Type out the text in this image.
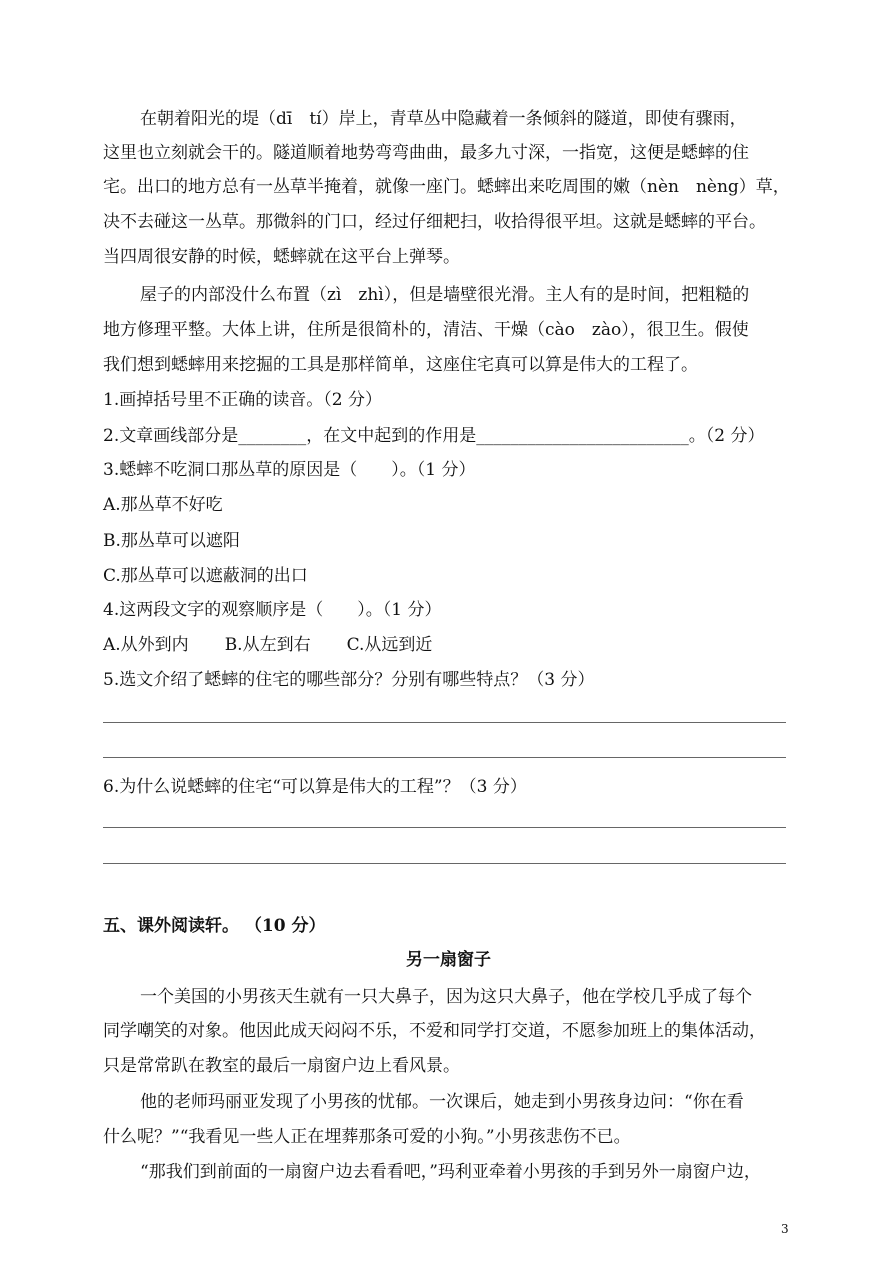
在朝着阳光的堤（dī　tí）岸上，青草丛中隐藏着一条倾斜的隧道，即使有骤雨，
这里也立刻就会干的。隧道顺着地势弯弯曲曲，最多九寸深，一指宽，这便是蟋蟀的住
宅。出口的地方总有一丛草半掩着，就像一座门。蟋蟀出来吃周围的嫩（nèn　nèng）草，
决不去碰这一丛草。那微斜的门口，经过仔细耙扫，收拾得很平坦。这就是蟋蟀的平台。
当四周很安静的时候，蟋蟀就在这平台上弹琴。
屋子的内部没什么布置（zì　zhì），但是墙壁很光滑。主人有的是时间，把粗糙的
地方修理平整。大体上讲，住所是很简朴的，清洁、干燥（cào　zào），很卫生。假使
我们想到蟋蟀用来挖掘的工具是那样简单，这座住宅真可以算是伟大的工程了。
1.画掉括号里不正确的读音。（2 分）
2.文章画线部分是________，在文中起到的作用是_________________________。（2 分）
3.蟋蟀不吃洞口那丛草的原因是（　　）。（1 分）
A.那丛草不好吃
B.那丛草可以遮阳
C.那丛草可以遮蔽洞的出口
4.这两段文字的观察顺序是（　　）。（1 分）
A.从外到内 B.从左到右 C.从远到近
5.选文介绍了蟋蟀的住宅的哪些部分？分别有哪些特点？（3 分）
6.为什么说蟋蟀的住宅“可以算是伟大的工程”？（3 分）
五、课外阅读轩。 （10 分）
另一扇窗子
一个美国的小男孩天生就有一只大鼻子，因为这只大鼻子，他在学校几乎成了每个
同学嘲笑的对象。他因此成天闷闷不乐，不爱和同学打交道，不愿参加班上的集体活动，
只是常常趴在教室的最后一扇窗户边上看风景。
他的老师玛丽亚发现了小男孩的忧郁。一次课后，她走到小男孩身边问：“你在看
什么呢？”“我看见一些人正在埋葬那条可爱的小狗。”小男孩悲伤不已。
“那我们到前面的一扇窗户边去看看吧，”玛利亚牵着小男孩的手到另外一扇窗户边，
3
